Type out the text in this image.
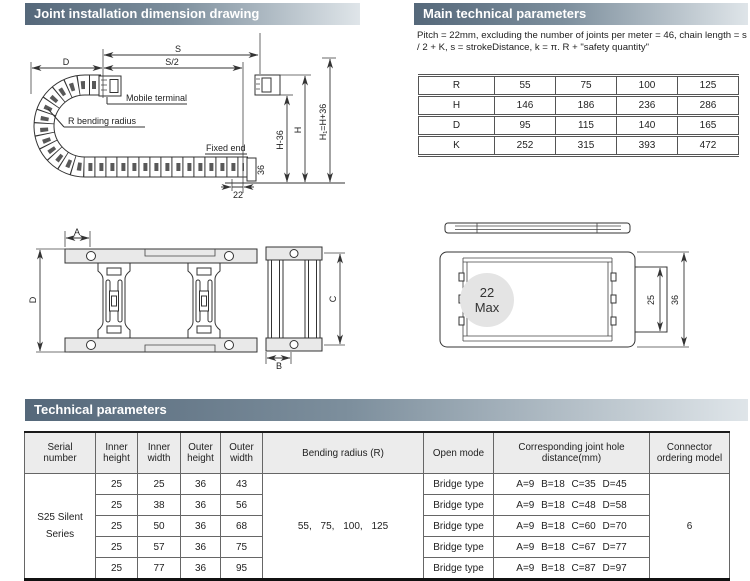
Joint installation dimension drawing	Main technical parameters
Technical parameters
Pitch = 22mm, excluding the number of joints per meter = 46, chain length = s / 2 + K, s = strokeDistance, k = π. R + "safety quantity"
R	55	75	100	125
H	146	186	236	286
D	95	115	140	165
K	252	315	393	472
S
S/2
D
Mobile terminal
R bending radius
Fixed end	H-36
H H₁=H+36
36
22
A
D	C
B
22
Max	25 36
Serial number	Inner height	Inner width	Outer height	Outer width	Bending radius (R)	Open mode	Corresponding joint hole distance(mm)	Connector ordering model
S25 Silent Series	25	25	36	43	55, 75, 100, 125	Bridge type	A=9 B=18 C=35 D=45	6
	25	38	36	56		Bridge type	A=9 B=18 C=48 D=58	
	25	50	36	68		Bridge type	A=9 B=18 C=60 D=70	
	25	57	36	75		Bridge type	A=9 B=18 C=67 D=77	
	25	77	36	95		Bridge type	A=9 B=18 C=87 D=97	
